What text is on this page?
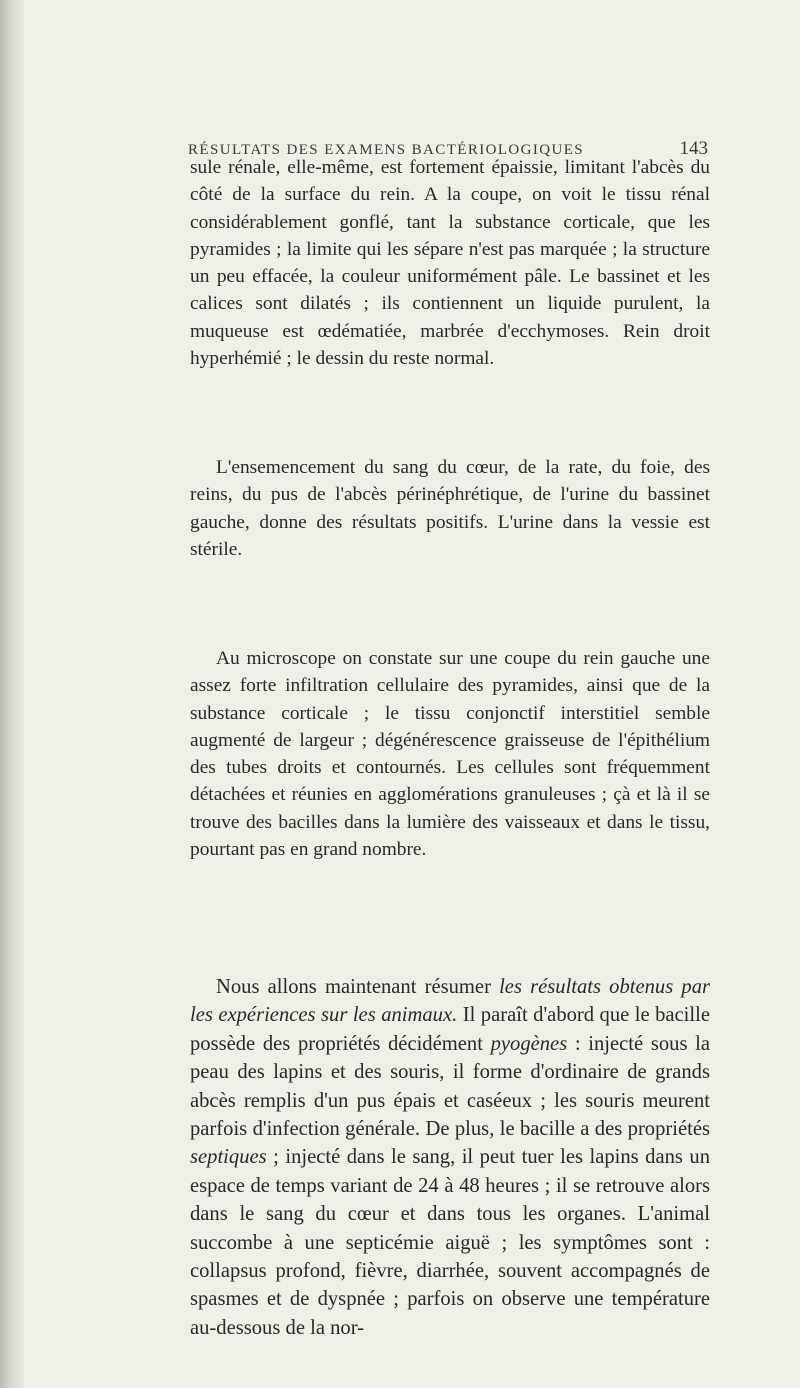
RÉSULTATS DES EXAMENS BACTÉRIOLOGIQUES	143

sule rénale, elle-même, est fortement épaissie, limitant l'abcès du côté de la surface du rein. A la coupe, on voit le tissu rénal considérablement gonflé, tant la substance corticale, que les pyramides ; la limite qui les sépare n'est pas marquée ; la structure un peu effacée, la couleur uniformément pâle. Le bassinet et les calices sont dilatés ; ils contiennent un liquide purulent, la muqueuse est œdématiée, marbrée d'ecchymoses. Rein droit hyperhémié ; le dessin du reste normal.

L'ensemencement du sang du cœur, de la rate, du foie, des reins, du pus de l'abcès périnéphrétique, de l'urine du bassinet gauche, donne des résultats positifs. L'urine dans la vessie est stérile.

Au microscope on constate sur une coupe du rein gauche une assez forte infiltration cellulaire des pyramides, ainsi que de la substance corticale ; le tissu conjonctif interstitiel semble augmenté de largeur ; dégénérescence graisseuse de l'épithélium des tubes droits et contournés. Les cellules sont fréquemment détachées et réunies en agglomérations granuleuses ; çà et là il se trouve des bacilles dans la lumière des vaisseaux et dans le tissu, pourtant pas en grand nombre.

Nous allons maintenant résumer les résultats obtenus par les expériences sur les animaux. Il paraît d'abord que le bacille possède des propriétés décidément pyogènes : injecté sous la peau des lapins et des souris, il forme d'ordinaire de grands abcès remplis d'un pus épais et caséeux ; les souris meurent parfois d'infection générale. De plus, le bacille a des propriétés septiques ; injecté dans le sang, il peut tuer les lapins dans un espace de temps variant de 24 à 48 heures ; il se retrouve alors dans le sang du cœur et dans tous les organes. L'animal succombe à une septicémie aiguë ; les symptômes sont : collapsus profond, fièvre, diarrhée, souvent accompagnés de spasmes et de dyspnée ; parfois on observe une température au-dessous de la nor-
